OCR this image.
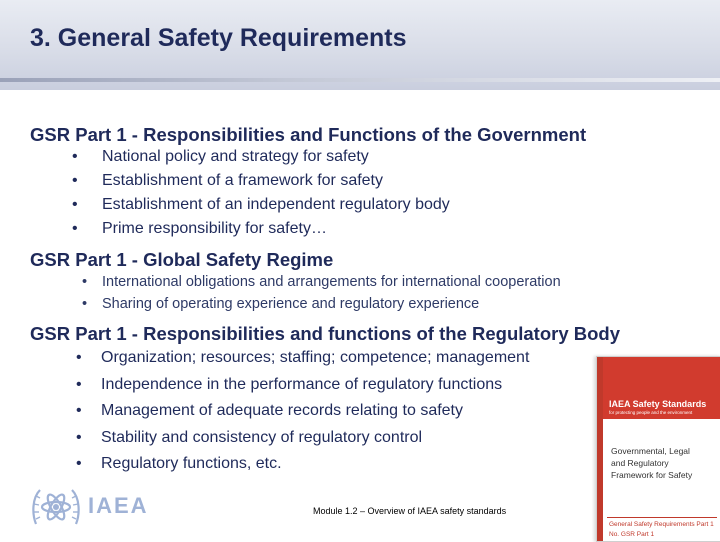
3. General Safety Requirements
GSR Part 1 - Responsibilities and Functions of the Government
• National policy and strategy for safety
• Establishment of a framework for safety
• Establishment of an independent regulatory body
• Prime responsibility for safety…
GSR Part 1 - Global Safety Regime
• International obligations and arrangements for international cooperation
• Sharing of operating experience and regulatory experience
GSR Part 1 - Responsibilities and functions of the Regulatory Body
• Organization; resources; staffing; competence; management
• Independence in the performance of regulatory functions
• Management of adequate records relating to safety
• Stability and consistency of regulatory control
• Regulatory functions, etc.
IAEA Safety Standards
for protecting people and the environment
Governmental, Legal
and Regulatory
Framework for Safety
General Safety Requirements Part 1
No. GSR Part 1
IAEA	Module 1.2 – Overview of IAEA safety standards
